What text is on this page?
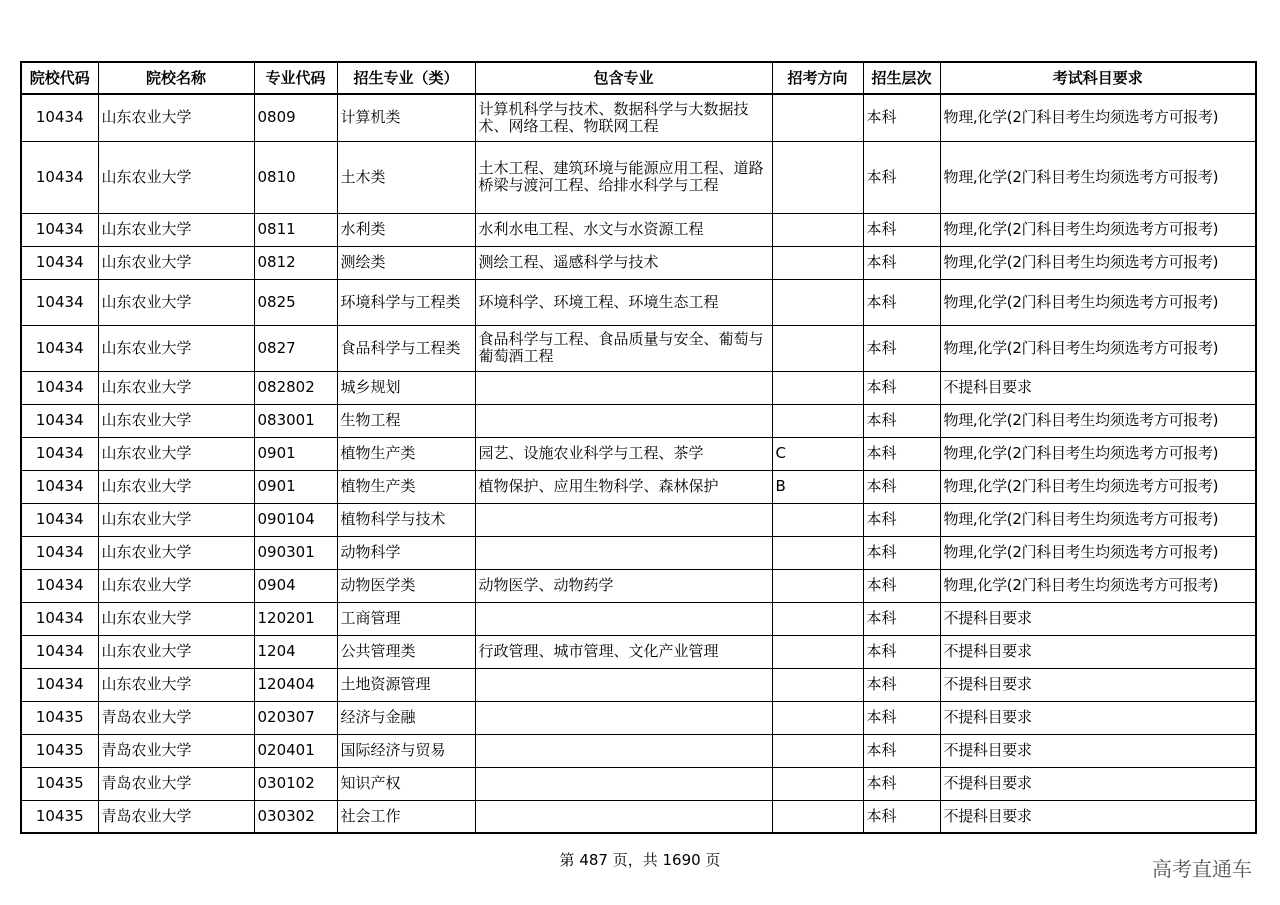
院校代码	院校名称	专业代码	招生专业（类）	包含专业	招考方向	招生层次	考试科目要求
10434	山东农业大学	0809	计算机类	计算机科学与技术、数据科学与大数据技术、网络工程、物联网工程		本科	物理,化学(2门科目考生均须选考方可报考)
10434	山东农业大学	0810	土木类	土木工程、建筑环境与能源应用工程、道路桥梁与渡河工程、给排水科学与工程		本科	物理,化学(2门科目考生均须选考方可报考)
10434	山东农业大学	0811	水利类	水利水电工程、水文与水资源工程		本科	物理,化学(2门科目考生均须选考方可报考)
10434	山东农业大学	0812	测绘类	测绘工程、遥感科学与技术		本科	物理,化学(2门科目考生均须选考方可报考)
10434	山东农业大学	0825	环境科学与工程类	环境科学、环境工程、环境生态工程		本科	物理,化学(2门科目考生均须选考方可报考)
10434	山东农业大学	0827	食品科学与工程类	食品科学与工程、食品质量与安全、葡萄与葡萄酒工程		本科	物理,化学(2门科目考生均须选考方可报考)
10434	山东农业大学	082802	城乡规划			本科	不提科目要求
10434	山东农业大学	083001	生物工程			本科	物理,化学(2门科目考生均须选考方可报考)
10434	山东农业大学	0901	植物生产类	园艺、设施农业科学与工程、茶学	C	本科	物理,化学(2门科目考生均须选考方可报考)
10434	山东农业大学	0901	植物生产类	植物保护、应用生物科学、森林保护	B	本科	物理,化学(2门科目考生均须选考方可报考)
10434	山东农业大学	090104	植物科学与技术			本科	物理,化学(2门科目考生均须选考方可报考)
10434	山东农业大学	090301	动物科学			本科	物理,化学(2门科目考生均须选考方可报考)
10434	山东农业大学	0904	动物医学类	动物医学、动物药学		本科	物理,化学(2门科目考生均须选考方可报考)
10434	山东农业大学	120201	工商管理			本科	不提科目要求
10434	山东农业大学	1204	公共管理类	行政管理、城市管理、文化产业管理		本科	不提科目要求
10434	山东农业大学	120404	土地资源管理			本科	不提科目要求
10435	青岛农业大学	020307	经济与金融			本科	不提科目要求
10435	青岛农业大学	020401	国际经济与贸易			本科	不提科目要求
10435	青岛农业大学	030102	知识产权			本科	不提科目要求
10435	青岛农业大学	030302	社会工作			本科	不提科目要求
第 487 页，共 1690 页	高考直通车
